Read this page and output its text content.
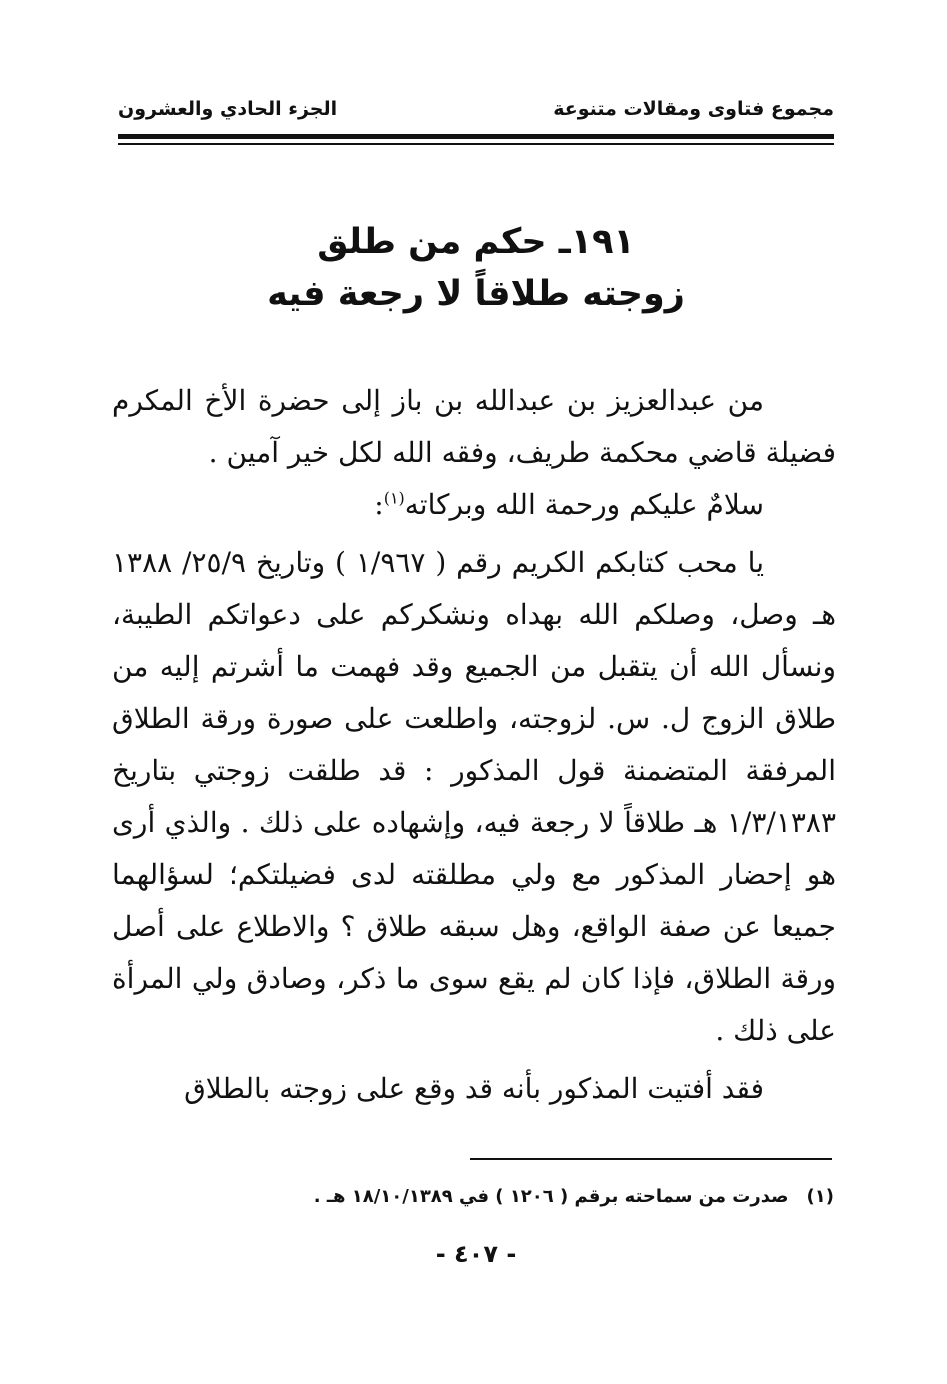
مجموع فتاوى ومقالات متنوعة
الجزء الحادي والعشرون
١٩١ـ حكم من طلق
زوجته طلاقاً لا رجعة فيه
من عبدالعزيز بن عبدالله بن باز إلى حضرة الأخ المكرم فضيلة قاضي محكمة طريف، وفقه الله لكل خير آمين .
سلامٌ عليكم ورحمة الله وبركاته$^{(١)}$:
يا محب كتابكم الكريم رقم ( ١/٩٦٧ ) وتاريخ ٢٥/٩/ ١٣٨٨ هـ وصل، وصلكم الله بهداه ونشكركم على دعواتكم الطيبة، ونسأل الله أن يتقبل من الجميع وقد فهمت ما أشرتم إليه من طلاق الزوج ل. س. لزوجته، واطلعت على صورة ورقة الطلاق المرفقة المتضمنة قول المذكور : قد طلقت زوجتي بتاريخ ١/٣/١٣٨٣ هـ طلاقاً لا رجعة فيه، وإشهاده على ذلك . والذي أرى هو إحضار المذكور مع ولي مطلقته لدى فضيلتكم؛ لسؤالهما جميعا عن صفة الواقع، وهل سبقه طلاق ؟ والاطلاع على أصل ورقة الطلاق، فإذا كان لم يقع سوى ما ذكر، وصادق ولي المرأة على ذلك .
فقد أفتيت المذكور بأنه قد وقع على زوجته بالطلاق
(١)صدرت من سماحته برقم ( ١٢٠٦ ) في ١٨/١٠/١٣٨٩ هـ .
- ٤٠٧ -
